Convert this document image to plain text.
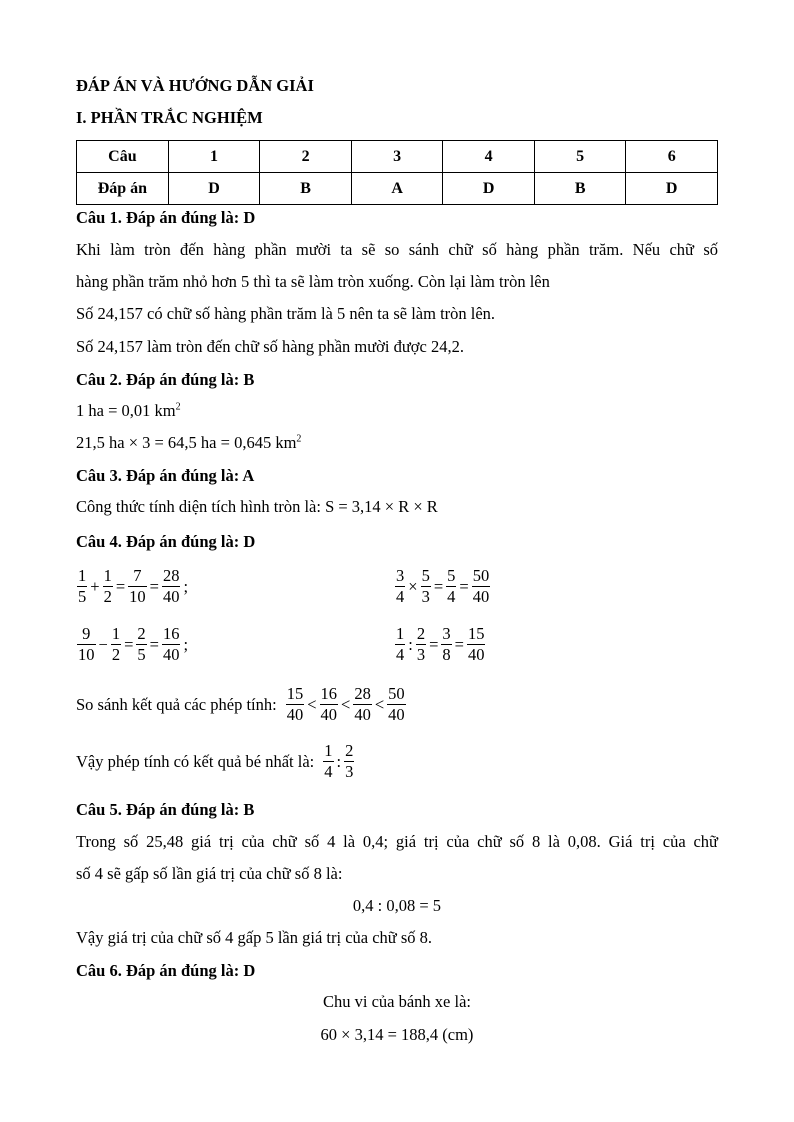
ĐÁP ÁN VÀ HƯỚNG DẪN GIẢI
I. PHẦN TRẮC NGHIỆM
Câu	1	2	3	4	5	6
Đáp án	D	B	A	D	B	D
Câu 1. Đáp án đúng là: D
Khi làm tròn đến hàng phần mười ta sẽ so sánh chữ số hàng phần trăm. Nếu chữ số
hàng phần trăm nhỏ hơn 5 thì ta sẽ làm tròn xuống. Còn lại làm tròn lên
Số 24,157 có chữ số hàng phần trăm là 5 nên ta sẽ làm tròn lên.
Số 24,157 làm tròn đến chữ số hàng phần mười được 24,2.
Câu 2. Đáp án đúng là: B
1 ha = 0,01 $km^2$
21,5 ha × 3 = 64,5 ha = 0,645 $km^2$
Câu 3. Đáp án đúng là: A
Công thức tính diện tích hình tròn là: S = 3,14 × R × R
Câu 4. Đáp án đúng là: D
$\frac{1}{5} + \frac{1}{2} = \frac{7}{10} = \frac{28}{40}$ ;	$\frac{3}{4} \times \frac{5}{3} = \frac{5}{4} = \frac{50}{40}$
$\frac{9}{10} - \frac{1}{2} = \frac{2}{5} = \frac{16}{40}$ ;	$\frac{1}{4}$ : $\frac{2}{3} = \frac{3}{8} = \frac{15}{40}$
So sánh kết quả các phép tính: $\frac{15}{40} < \frac{16}{40} < \frac{28}{40} < \frac{50}{40}$
Vậy phép tính có kết quả bé nhất là: $\frac{1}{4}$ : $\frac{2}{3}$
Câu 5. Đáp án đúng là: B
Trong số 25,48 giá trị của chữ số 4 là 0,4; giá trị của chữ số 8 là 0,08. Giá trị của chữ
số 4 sẽ gấp số lần giá trị của chữ số 8 là:
0,4 : 0,08 = 5
Vậy giá trị của chữ số 4 gấp 5 lần giá trị của chữ số 8.
Câu 6. Đáp án đúng là: D
Chu vi của bánh xe là:
60 × 3,14 = 188,4 (cm)
